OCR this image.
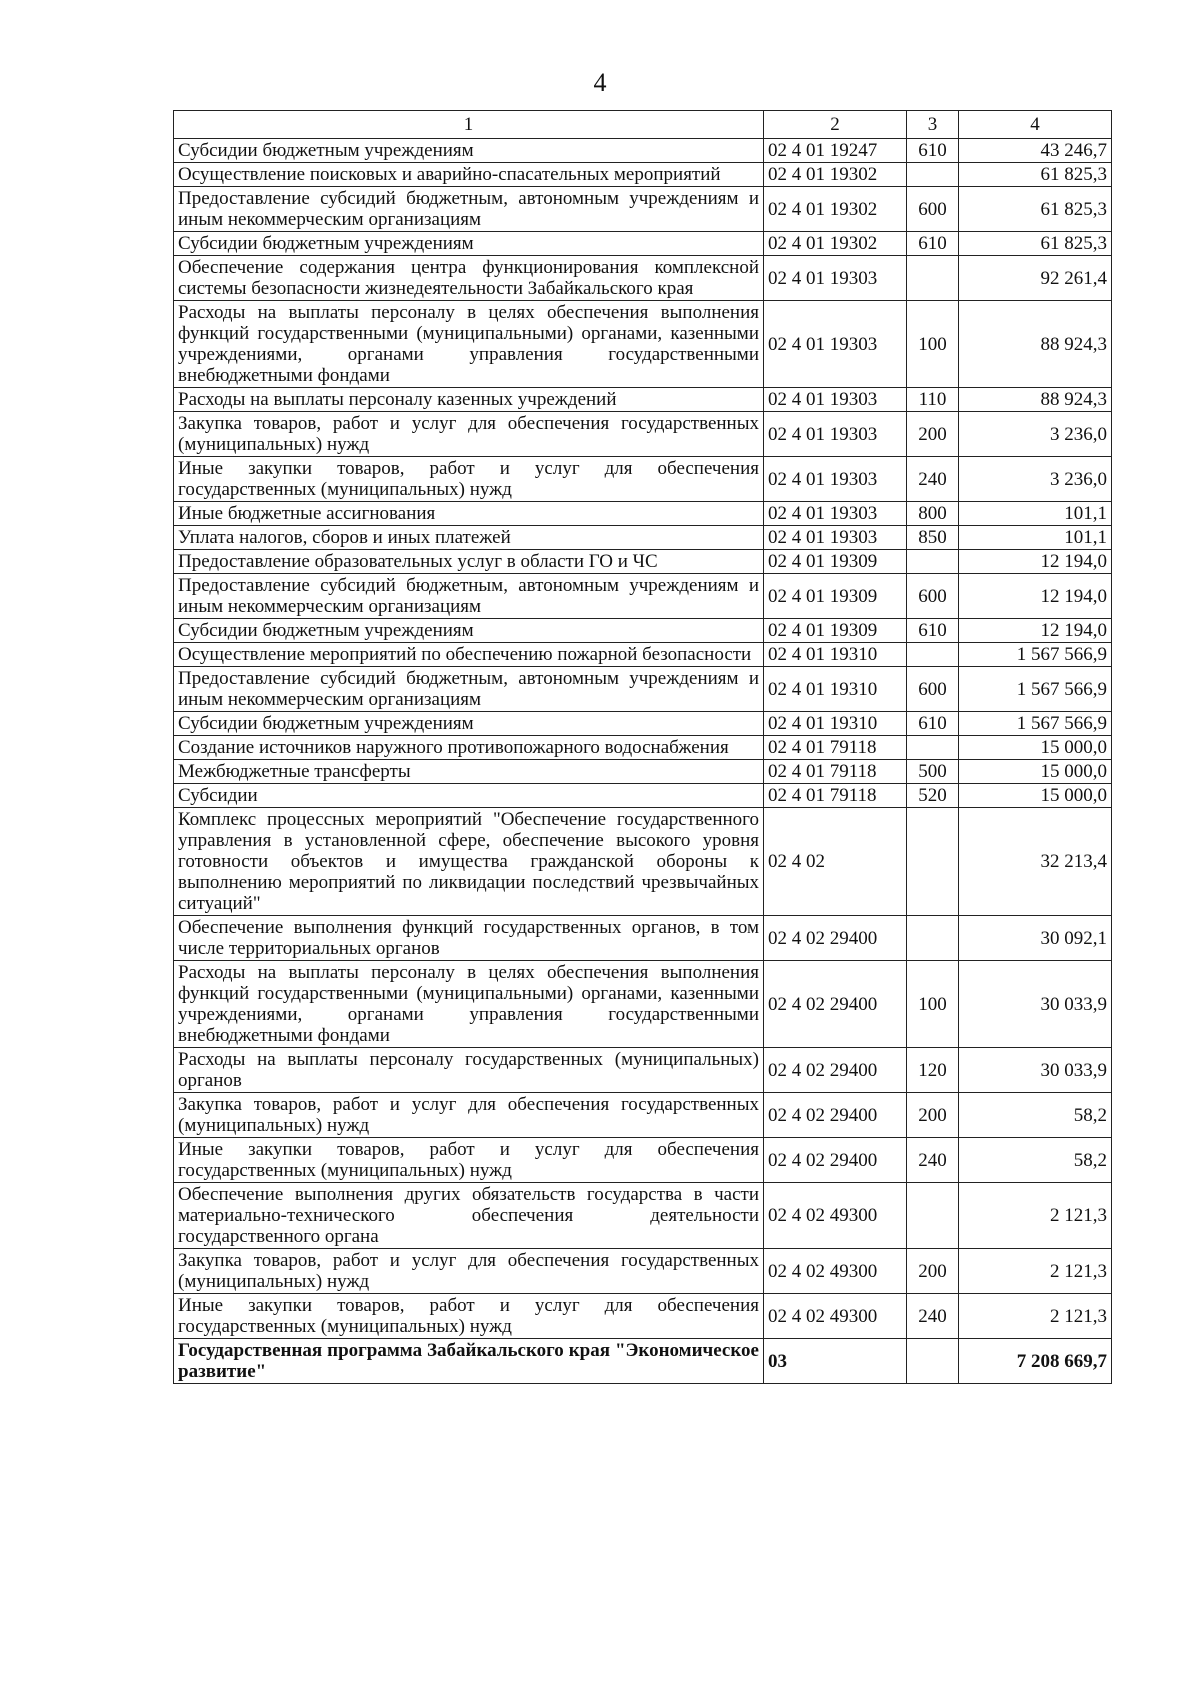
4
1	2	3	4
Субсидии бюджетным учреждениям	02 4 01 19247	610	43 246,7
Осуществление поисковых и аварийно-спасательных мероприятий	02 4 01 19302		61 825,3
Предоставление субсидий бюджетным, автономным учреждениям и иным некоммерческим организациям	02 4 01 19302	600	61 825,3
Субсидии бюджетным учреждениям	02 4 01 19302	610	61 825,3
Обеспечение содержания центра функционирования комплексной системы безопасности жизнедеятельности Забайкальского края	02 4 01 19303		92 261,4
Расходы на выплаты персоналу в целях обеспечения выполнения функций государственными (муниципальными) органами, казенными учреждениями, органами управления государственными внебюджетными фондами	02 4 01 19303	100	88 924,3
Расходы на выплаты персоналу казенных учреждений	02 4 01 19303	110	88 924,3
Закупка товаров, работ и услуг для обеспечения государственных (муниципальных) нужд	02 4 01 19303	200	3 236,0
Иные закупки товаров, работ и услуг для обеспечения государственных (муниципальных) нужд	02 4 01 19303	240	3 236,0
Иные бюджетные ассигнования	02 4 01 19303	800	101,1
Уплата налогов, сборов и иных платежей	02 4 01 19303	850	101,1
Предоставление образовательных услуг в области ГО и ЧС	02 4 01 19309		12 194,0
Предоставление субсидий бюджетным, автономным учреждениям и иным некоммерческим организациям	02 4 01 19309	600	12 194,0
Субсидии бюджетным учреждениям	02 4 01 19309	610	12 194,0
Осуществление мероприятий по обеспечению пожарной безопасности	02 4 01 19310		1 567 566,9
Предоставление субсидий бюджетным, автономным учреждениям и иным некоммерческим организациям	02 4 01 19310	600	1 567 566,9
Субсидии бюджетным учреждениям	02 4 01 19310	610	1 567 566,9
Создание источников наружного противопожарного водоснабжения	02 4 01 79118		15 000,0
Межбюджетные трансферты	02 4 01 79118	500	15 000,0
Субсидии	02 4 01 79118	520	15 000,0
Комплекс процессных мероприятий "Обеспечение государственного управления в установленной сфере, обеспечение высокого уровня готовности объектов и имущества гражданской обороны к выполнению мероприятий по ликвидации последствий чрезвычайных ситуаций"	02 4 02		32 213,4
Обеспечение выполнения функций государственных органов, в том числе территориальных органов	02 4 02 29400		30 092,1
Расходы на выплаты персоналу в целях обеспечения выполнения функций государственными (муниципальными) органами, казенными учреждениями, органами управления государственными внебюджетными фондами	02 4 02 29400	100	30 033,9
Расходы на выплаты персоналу государственных (муниципальных) органов	02 4 02 29400	120	30 033,9
Закупка товаров, работ и услуг для обеспечения государственных (муниципальных) нужд	02 4 02 29400	200	58,2
Иные закупки товаров, работ и услуг для обеспечения государственных (муниципальных) нужд	02 4 02 29400	240	58,2
Обеспечение выполнения других обязательств государства в части материально-технического обеспечения деятельности государственного органа	02 4 02 49300		2 121,3
Закупка товаров, работ и услуг для обеспечения государственных (муниципальных) нужд	02 4 02 49300	200	2 121,3
Иные закупки товаров, работ и услуг для обеспечения государственных (муниципальных) нужд	02 4 02 49300	240	2 121,3
Государственная программа Забайкальского края "Экономическое развитие"	03		7 208 669,7
